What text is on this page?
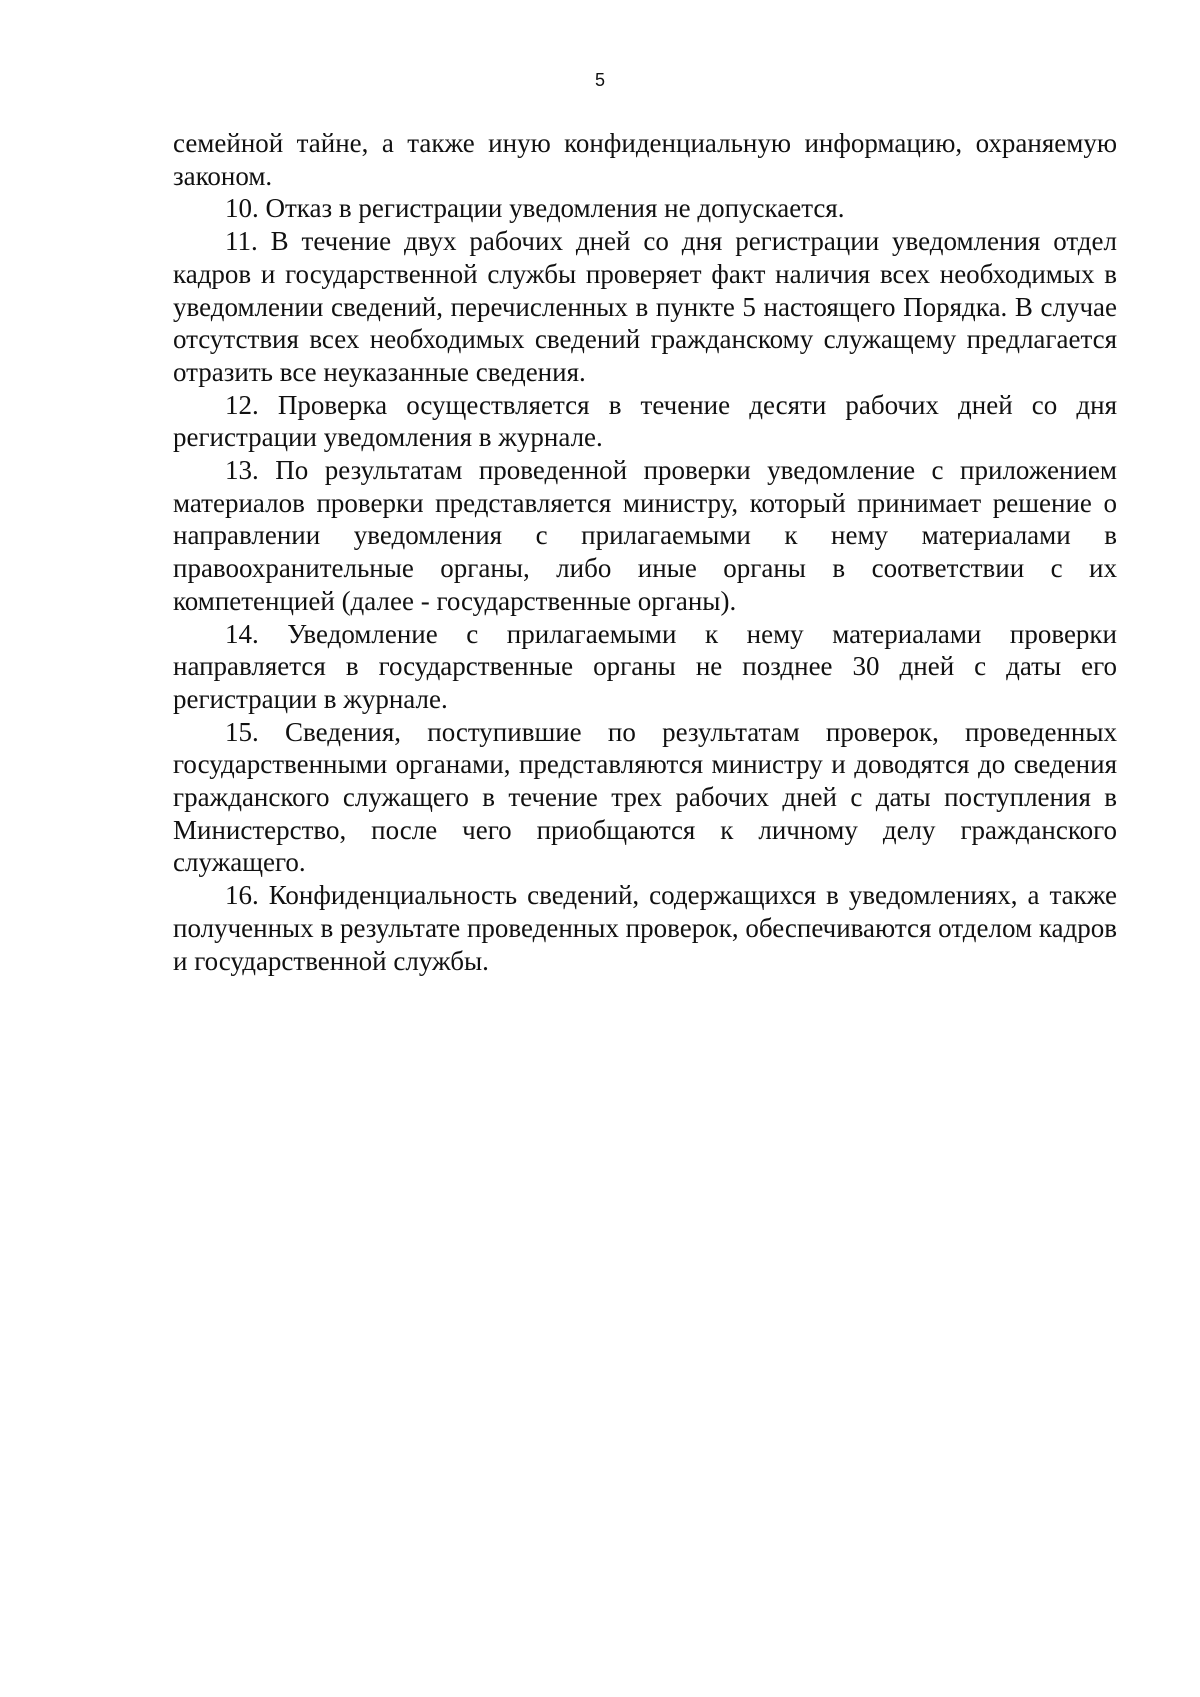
5

семейной тайне, а также иную конфиденциальную информацию, охраняемую законом.

10. Отказ в регистрации уведомления не допускается.

11. В течение двух рабочих дней со дня регистрации уведомления отдел кадров и государственной службы проверяет факт наличия всех необходимых в уведомлении сведений, перечисленных в пункте 5 настоящего Порядка. В случае отсутствия всех необходимых сведений гражданскому служащему предлагается отразить все неуказанные сведения.

12. Проверка осуществляется в течение десяти рабочих дней со дня регистрации уведомления в журнале.

13. По результатам проведенной проверки уведомление с приложением материалов проверки представляется министру, который принимает решение о направлении уведомления с прилагаемыми к нему материалами в правоохранительные органы, либо иные органы в соответствии с их компетенцией (далее - государственные органы).

14. Уведомление с прилагаемыми к нему материалами проверки направляется в государственные органы не позднее 30 дней с даты его регистрации в журнале.

15. Сведения, поступившие по результатам проверок, проведенных государственными органами, представляются министру и доводятся до сведения гражданского служащего в течение трех рабочих дней с даты поступления в Министерство, после чего приобщаются к личному делу гражданского служащего.

16. Конфиденциальность сведений, содержащихся в уведомлениях, а также полученных в результате проведенных проверок, обеспечиваются отделом кадров и государственной службы.
